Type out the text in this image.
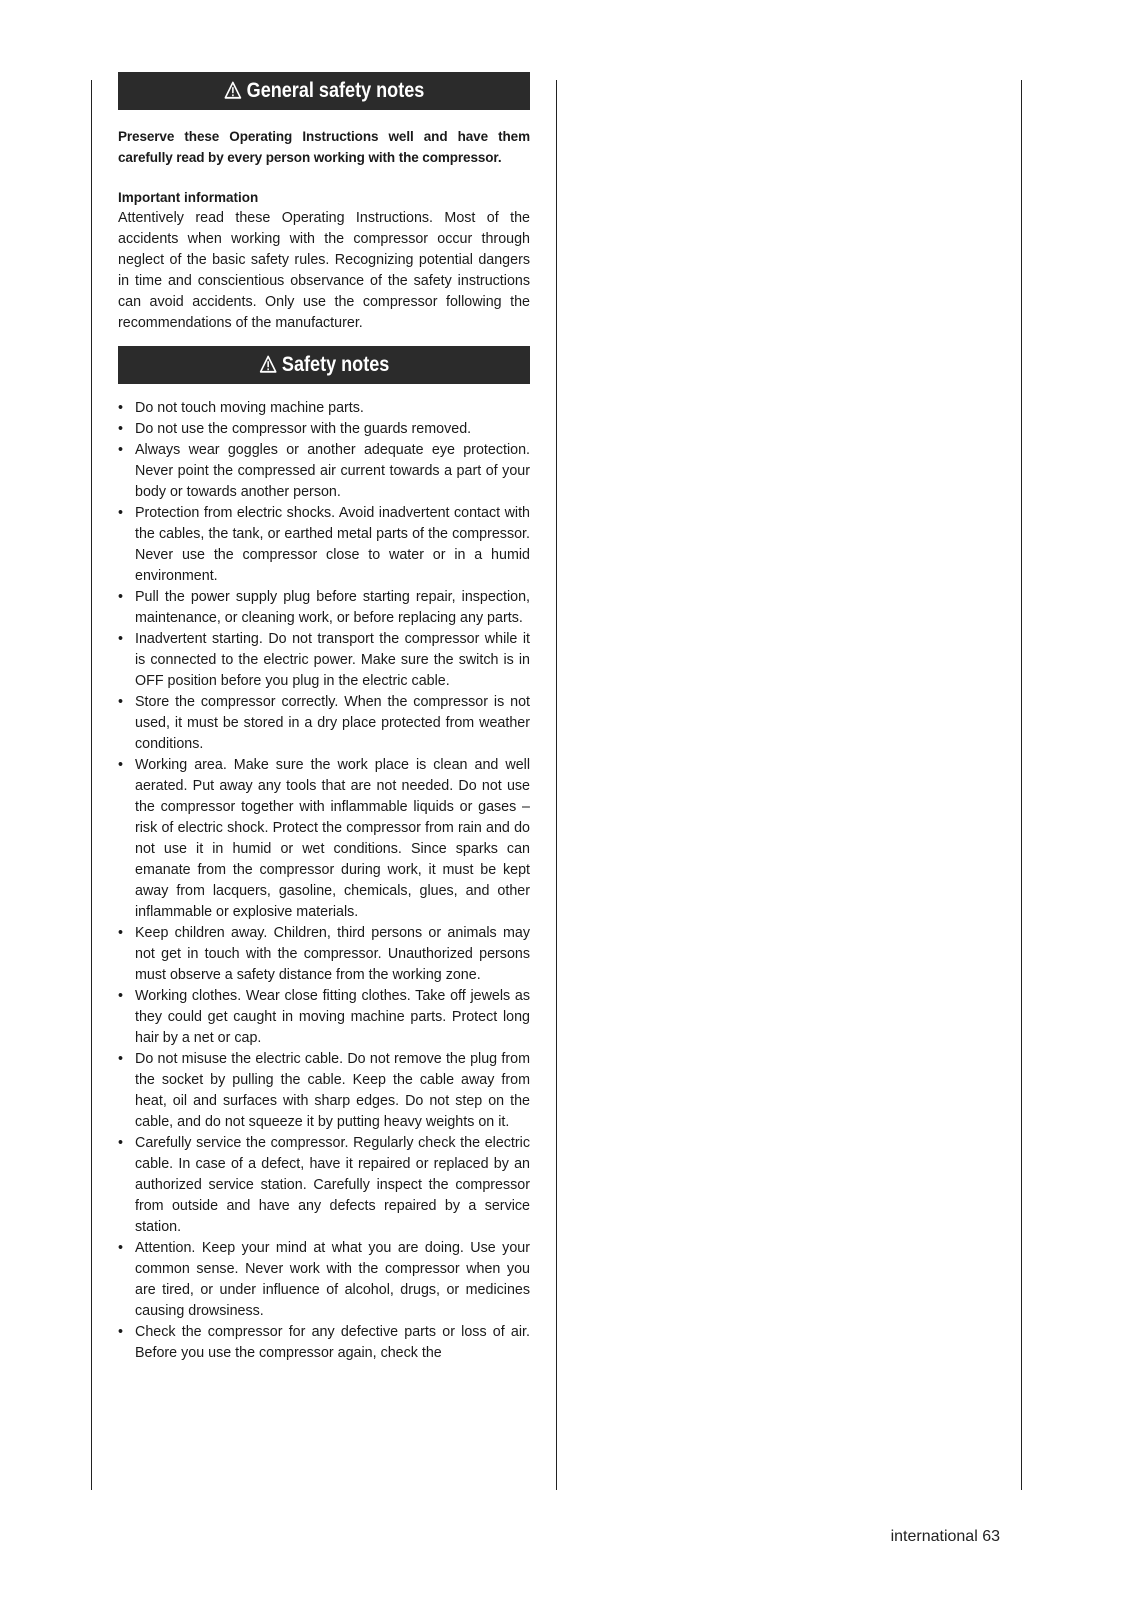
General safety notes

Preserve these Operating Instructions well and have them carefully read by every person working with the compressor.

Important information

Attentively read these Operating Instructions. Most of the accidents when working with the compressor occur through neglect of the basic safety rules. Recognizing potential dangers in time and conscientious observance of the safety instructions can avoid accidents. Only use the compressor following the recommendations of the manufacturer.

Safety notes
• Do not touch moving machine parts.
• Do not use the compressor with the guards removed.
• Always wear goggles or another adequate eye protection. Never point the compressed air current towards a part of your body or towards another person.
• Protection from electric shocks. Avoid inadvertent contact with the cables, the tank, or earthed metal parts of the compressor. Never use the compressor close to water or in a humid environment.
• Pull the power supply plug before starting repair, inspection, maintenance, or cleaning work, or before replacing any parts.
• Inadvertent starting. Do not transport the compressor while it is connected to the electric power. Make sure the switch is in OFF position before you plug in the electric cable.
• Store the compressor correctly. When the compressor is not used, it must be stored in a dry place protected from weather conditions.
• Working area. Make sure the work place is clean and well aerated. Put away any tools that are not needed. Do not use the compressor together with inflammable liquids or gases – risk of electric shock. Protect the compressor from rain and do not use it in humid or wet conditions. Since sparks can emanate from the compressor during work, it must be kept away from lacquers, gasoline, chemicals, glues, and other inflammable or explosive materials.
• Keep children away. Children, third persons or animals may not get in touch with the compressor. Unauthorized persons must observe a safety distance from the working zone.
• Working clothes. Wear close fitting clothes. Take off jewels as they could get caught in moving machine parts. Protect long hair by a net or cap.
• Do not misuse the electric cable. Do not remove the plug from the socket by pulling the cable. Keep the cable away from heat, oil and surfaces with sharp edges. Do not step on the cable, and do not squeeze it by putting heavy weights on it.
• Carefully service the compressor. Regularly check the electric cable. In case of a defect, have it repaired or replaced by an authorized service station. Carefully inspect the compressor from outside and have any defects repaired by a service station.
• Attention. Keep your mind at what you are doing. Use your common sense. Never work with the compressor when you are tired, or under influence of alcohol, drugs, or medicines causing drowsiness.
• Check the compressor for any defective parts or loss of air. Before you use the compressor again, check the
international 63
